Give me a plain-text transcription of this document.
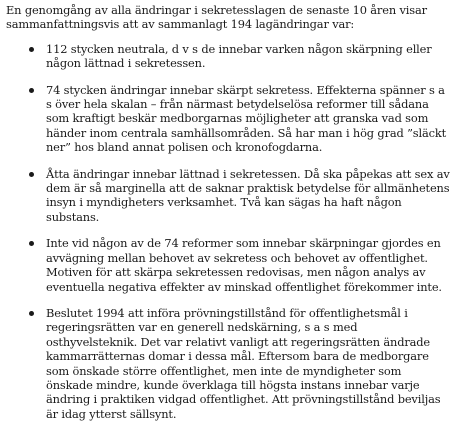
En genomgång av alla ändringar i sekretesslagen de senaste 10 åren visar sammanfattningsvis att av sammanlagt 194 lagändringar var:

112 stycken neutrala, d v s de innebar varken någon skärpning eller någon lättnad i sekretessen.
74 stycken ändringar innebar skärpt sekretess. Effekterna spänner s a s över hela skalan – från närmast betydelselösa reformer till sådana som kraftigt beskär medborgarnas möjligheter att granska vad som händer inom centrala samhällsområden. Så har man i hög grad ”släckt ner” hos bland annat polisen och kronofogdarna.
Åtta ändringar innebar lättnad i sekretessen. Då ska påpekas att sex av dem är så marginella att de saknar praktisk betydelse för allmänhetens insyn i myndigheters verksamhet. Två kan sägas ha haft någon substans.
Inte vid någon av de 74 reformer som innebar skärpningar gjordes en avvägning mellan behovet av sekretess och behovet av offentlighet. Motiven för att skärpa sekretessen redovisas, men någon analys av eventuella negativa effekter av minskad offentlighet förekommer inte.
Beslutet 1994 att införa prövningstillstånd för offentlighetsmål i regeringsrätten var en generell nedskärning, s a s med osthyvelsteknik. Det var relativt vanligt att regeringsrätten ändrade kammarrätternas domar i dessa mål. Eftersom bara de medborgare som önskade större offentlighet, men inte de myndigheter som önskade mindre, kunde överklaga till högsta instans innebar varje ändring i praktiken vidgad offentlighet. Att prövningstillstånd beviljas är idag ytterst sällsynt.
